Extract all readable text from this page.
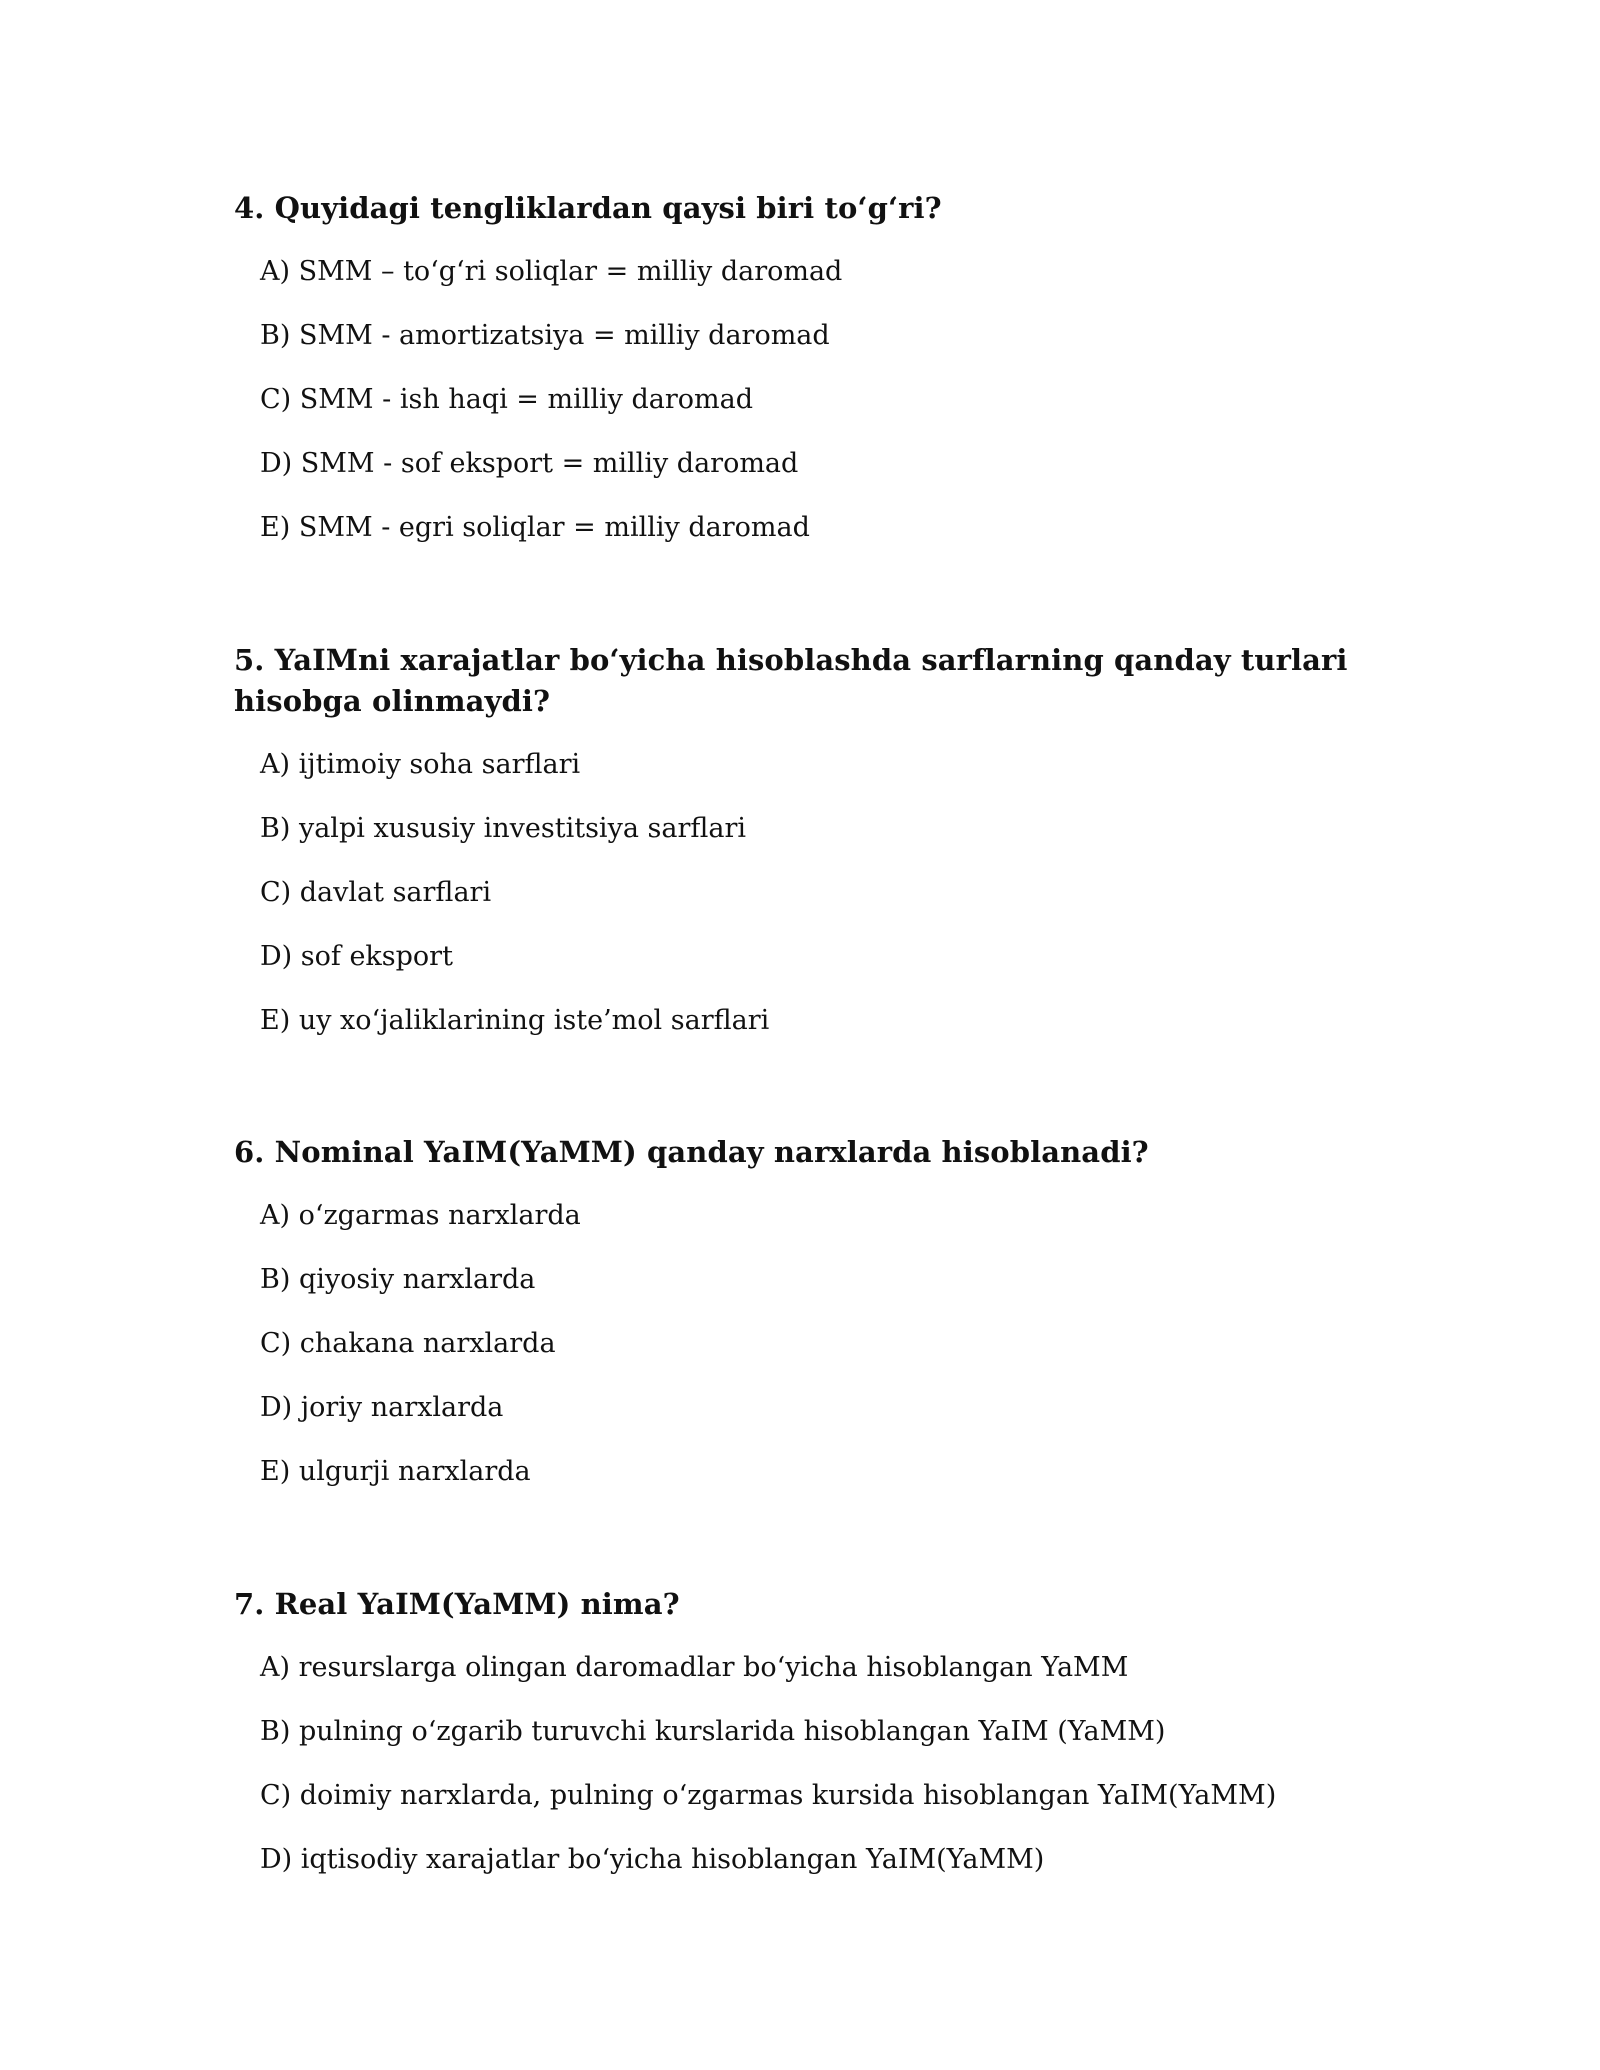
4. Quyidagi tengliklardan qaysi biri to‘g‘ri?
A) SMM – to‘g‘ri soliqlar = milliy daromad
B) SMM - amortizatsiya = milliy daromad
C) SMM - ish haqi = milliy daromad
D) SMM - sof eksport = milliy daromad
E) SMM - egri soliqlar = milliy daromad
5. YaIMni xarajatlar bo‘yicha hisoblashda sarflarning qanday turlari hisobga olinmaydi?
A) ijtimoiy soha sarflari
B) yalpi xususiy investitsiya sarflari
C) davlat sarflari
D) sof eksport
E) uy xo‘jaliklarining iste’mol sarflari
6. Nominal YaIM(YaMM) qanday narxlarda hisoblanadi?
A) o‘zgarmas narxlarda
B) qiyosiy narxlarda
C) chakana narxlarda
D) joriy narxlarda
E) ulgurji narxlarda
7. Real YaIM(YaMM) nima?
A) resurslarga olingan daromadlar bo‘yicha hisoblangan YaMM
B) pulning o‘zgarib turuvchi kurslarida hisoblangan YaIM (YaMM)
C) doimiy narxlarda, pulning o‘zgarmas kursida hisoblangan YaIM(YaMM)
D) iqtisodiy xarajatlar bo‘yicha hisoblangan YaIM(YaMM)
